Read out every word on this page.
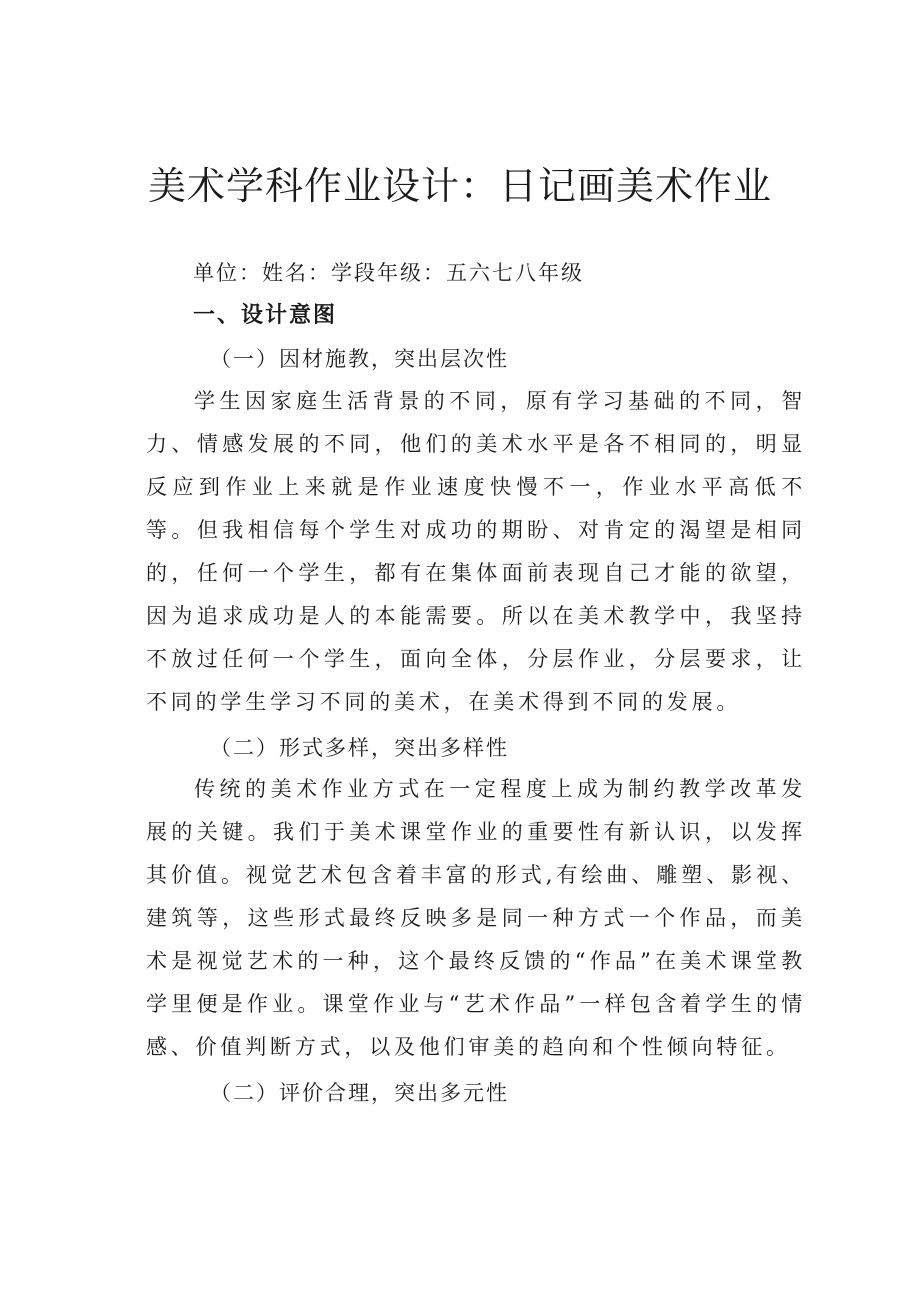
美术学科作业设计：日记画美术作业

单位：姓名：学段年级：五六七八年级

一、设计意图
（一）因材施教，突出层次性

学生因家庭生活背景的不同，原有学习基础的不同，智力、情感发展的不同，他们的美术水平是各不相同的，明显反应到作业上来就是作业速度快慢不一，作业水平高低不等。但我相信每个学生对成功的期盼、对肯定的渴望是相同的，任何一个学生，都有在集体面前表现自己才能的欲望，因为追求成功是人的本能需要。所以在美术教学中，我坚持不放过任何一个学生，面向全体，分层作业，分层要求，让不同的学生学习不同的美术，在美术得到不同的发展。

（二）形式多样，突出多样性

传统的美术作业方式在一定程度上成为制约教学改革发展的关键。我们于美术课堂作业的重要性有新认识，以发挥其价值。视觉艺术包含着丰富的形式,有绘曲、雕塑、影视、建筑等，这些形式最终反映多是同一种方式一个作品，而美术是视觉艺术的一种，这个最终反馈的“作品”在美术课堂教学里便是作业。课堂作业与“艺术作品”一样包含着学生的情感、价值判断方式，以及他们审美的趋向和个性倾向特征。

（二）评价合理，突出多元性
